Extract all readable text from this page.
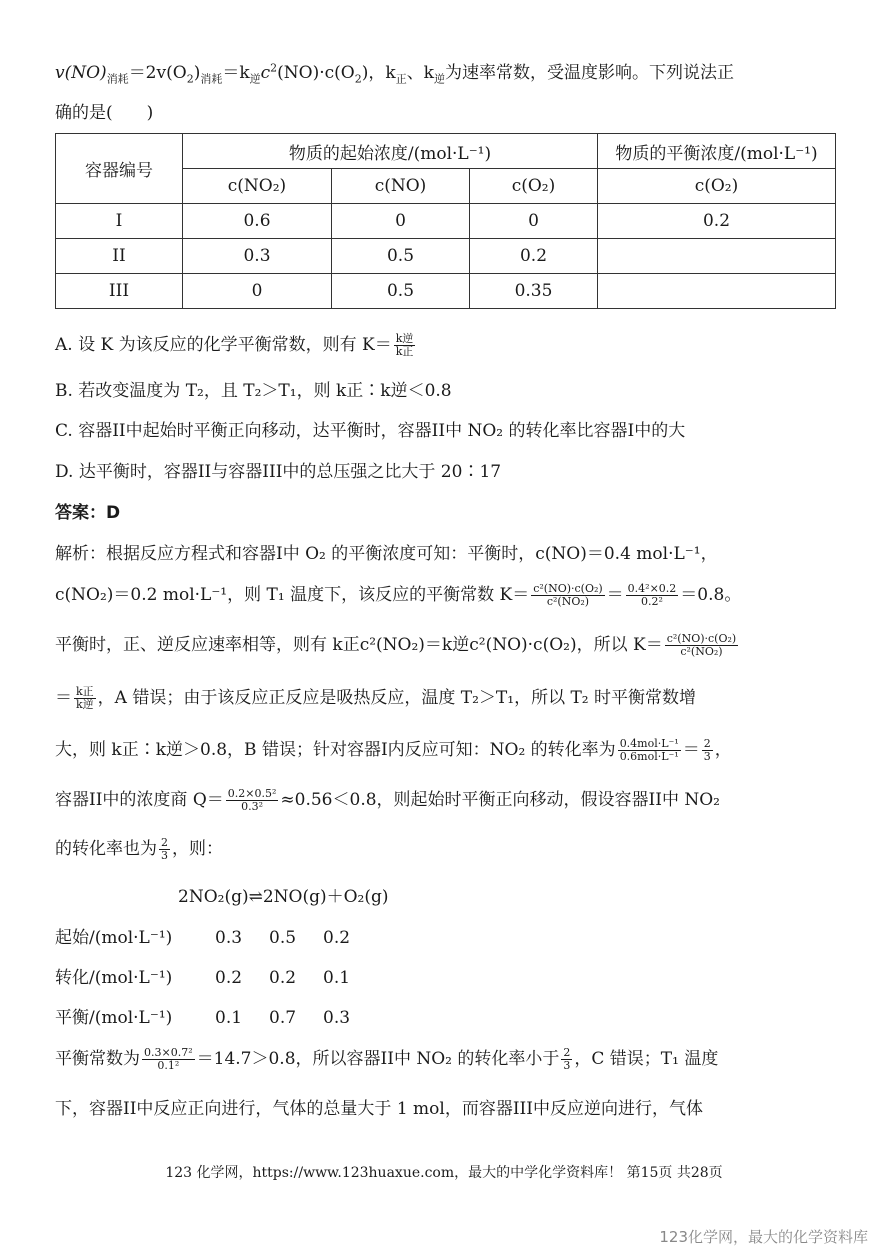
$v(NO)_{消耗}=2v(O_2)_{消耗}=k_逆c^2(NO)\cdot c(O_2)$，$k_正$、$k_逆$为速率常数，受温度影响。下列说法正
确的是(　　)
容器编号	物质的起始浓度/(mol·L⁻¹)			物质的平衡浓度/(mol·L⁻¹)
	c(NO₂)	c(NO)	c(O₂)	c(O₂)
I	0.6	0	0	0.2
II	0.3	0.5	0.2	
III	0	0.5	0.35	
A. 设 K 为该反应的化学平衡常数，则有 K＝ k逆
k正
B. 若改变温度为 T₂，且 T₂＞T₁，则 k正∶k逆＜0.8
C. 容器II中起始时平衡正向移动，达平衡时，容器II中 NO₂ 的转化率比容器I中的大
D. 达平衡时，容器II与容器III中的总压强之比大于 20∶17
答案：D
解析：根据反应方程式和容器I中 O₂ 的平衡浓度可知：平衡时，c(NO)＝0.4 mol·L⁻¹，
c(NO₂)＝0.2 mol·L⁻¹，则 T₁ 温度下，该反应的平衡常数 $K= \frac{\text{c²(NO)·c(O₂)}}{\text{c²(NO₂)}} = \frac{\text{0.4²×0.2}}{\text{0.2²}} =0.8$。
平衡时，正、逆反应速率相等，则有 k正c²(NO₂)＝k逆c²(NO)·c(O₂)，所以 $K= \frac{\text{c²(NO)·c(O₂)}}{\text{c²(NO₂)}}$
＝ k正
k逆 ，A 错误；由于该反应正反应是吸热反应，温度 T₂＞T₁，所以 T₂ 时平衡常数增
大，则 k正∶k逆＞0.8，B 错误；针对容器I内反应可知：NO₂ 的转化率为 0.4mol·L⁻¹
$0.6mol\cdot L^{-1} = \frac{2}{3}$ ，
容器II中的浓度商 $Q= \frac{\text{0.2×0.5²}}{\text{0.3²}} \approx 0.56<0.8$，则起始时平衡正向移动，假设容器II中 NO₂
的转化率也为 $\frac{2}{3}$ ，则：
2NO₂(g)⇌2NO(g)＋O₂(g)
起始/(mol·L⁻¹)	0.3 0.5 0.2
转化/(mol·L⁻¹)	0.2 0.2 0.1
平衡/(mol·L⁻¹)	0.1 0.7 0.3
平衡常数为 $\frac{\text{0.3×0.7²}}{\text{0.1²}} =14.7>0.8$，所以容器II中 NO₂ 的转化率小于 $\frac{2}{3}$ ，C 错误；T₁ 温度
下，容器II中反应正向进行，气体的总量大于 1 mol，而容器III中反应逆向进行，气体
123 化学网，https://www.123huaxue.com，最大的中学化学资料库！ 第15页 共28页
123化学网，最大的化学资料库
